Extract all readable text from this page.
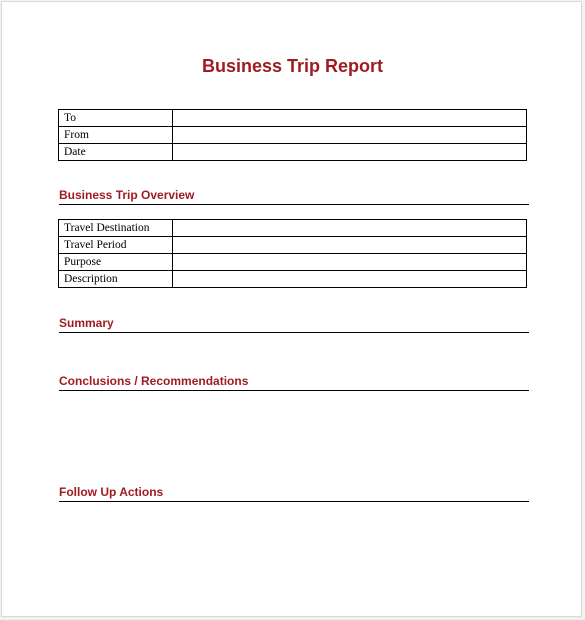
Business Trip Report
To	
From	
Date	
Business Trip Overview
Travel Destination	
Travel Period	
Purpose	
Description	
Summary
Conclusions / Recommendations
Follow Up Actions
